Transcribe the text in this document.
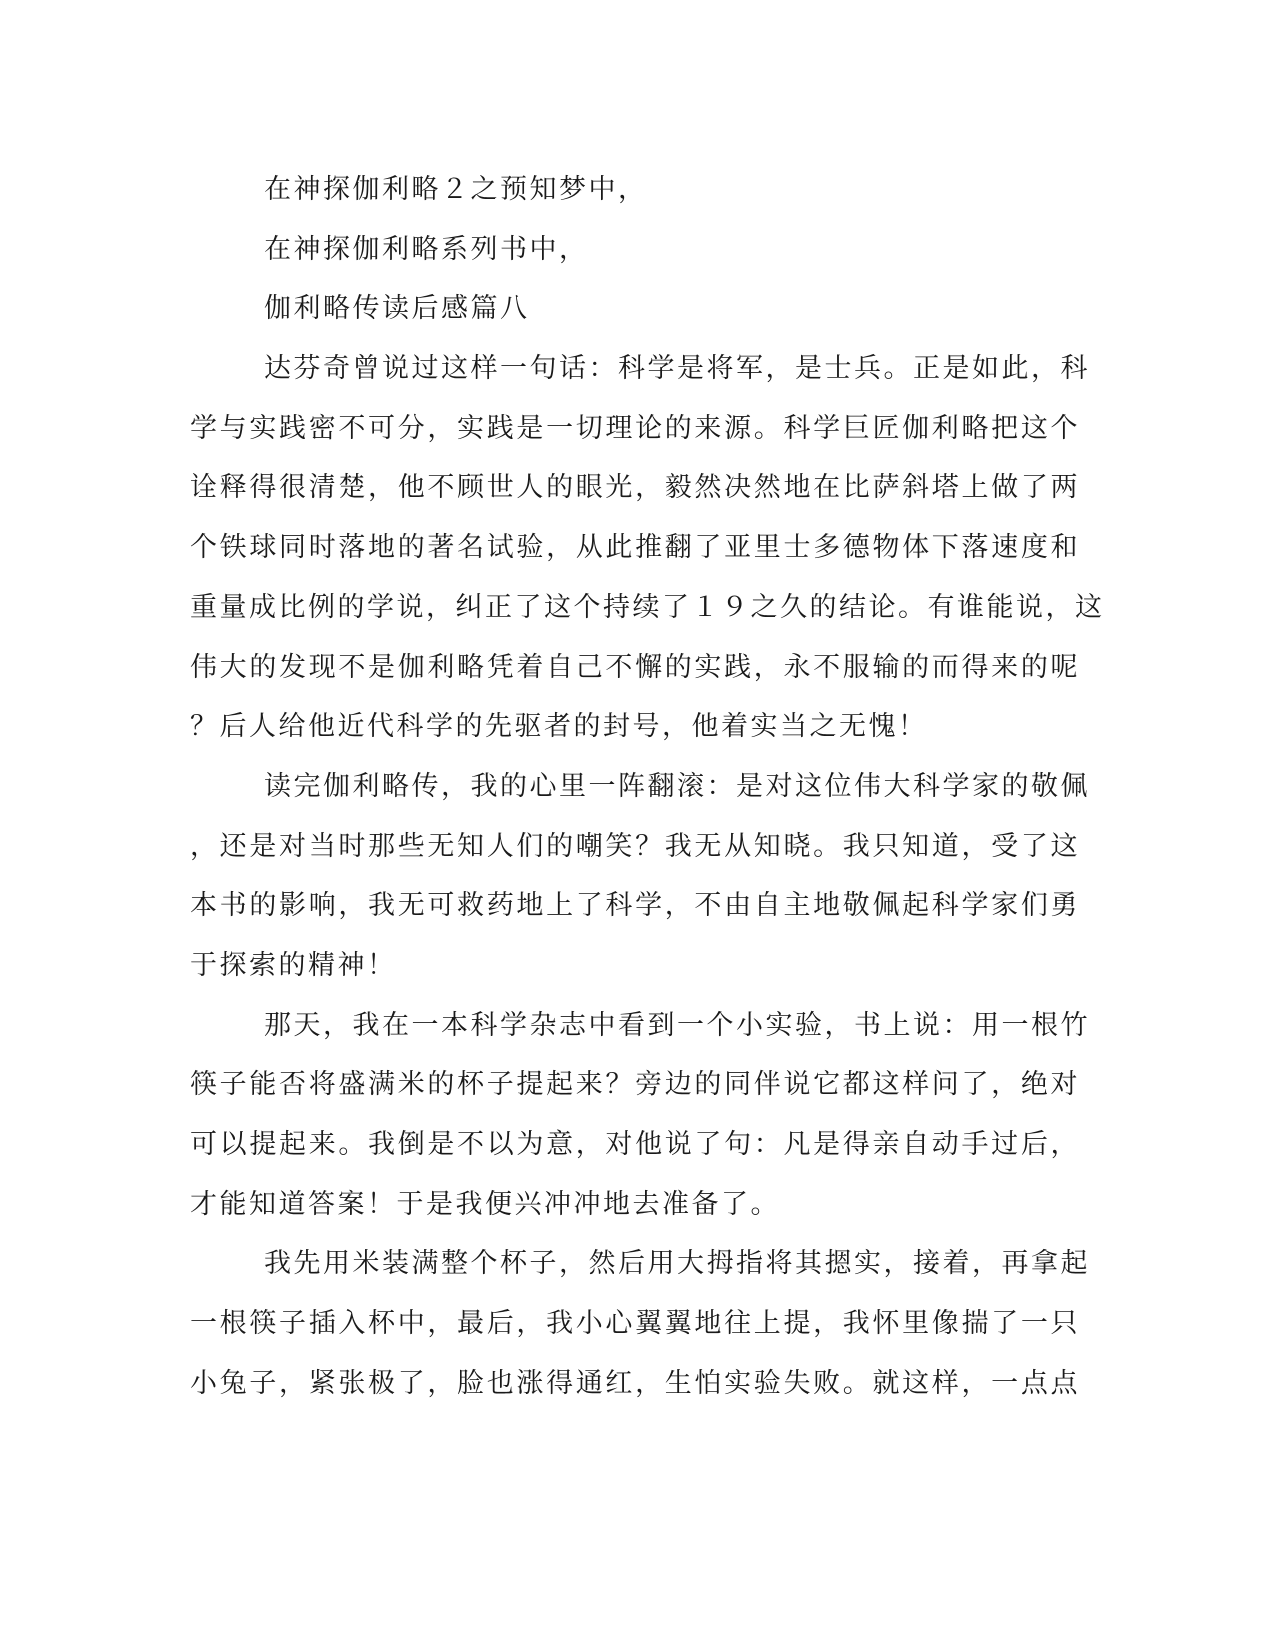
在神探伽利略２之预知梦中，
在神探伽利略系列书中，
伽利略传读后感篇八
达芬奇曾说过这样一句话：科学是将军，是士兵。正是如此，科
学与实践密不可分，实践是一切理论的来源。科学巨匠伽利略把这个
诠释得很清楚，他不顾世人的眼光，毅然决然地在比萨斜塔上做了两
个铁球同时落地的著名试验，从此推翻了亚里士多德物体下落速度和
重量成比例的学说，纠正了这个持续了１９之久的结论。有谁能说，这
伟大的发现不是伽利略凭着自己不懈的实践，永不服输的而得来的呢
？后人给他近代科学的先驱者的封号，他着实当之无愧！
读完伽利略传，我的心里一阵翻滚：是对这位伟大科学家的敬佩
，还是对当时那些无知人们的嘲笑？我无从知晓。我只知道，受了这
本书的影响，我无可救药地上了科学，不由自主地敬佩起科学家们勇
于探索的精神！
那天，我在一本科学杂志中看到一个小实验，书上说：用一根竹
筷子能否将盛满米的杯子提起来？旁边的同伴说它都这样问了，绝对
可以提起来。我倒是不以为意，对他说了句：凡是得亲自动手过后，
才能知道答案！于是我便兴冲冲地去准备了。
我先用米装满整个杯子，然后用大拇指将其摁实，接着，再拿起
一根筷子插入杯中，最后，我小心翼翼地往上提，我怀里像揣了一只
小兔子，紧张极了，脸也涨得通红，生怕实验失败。就这样，一点点
